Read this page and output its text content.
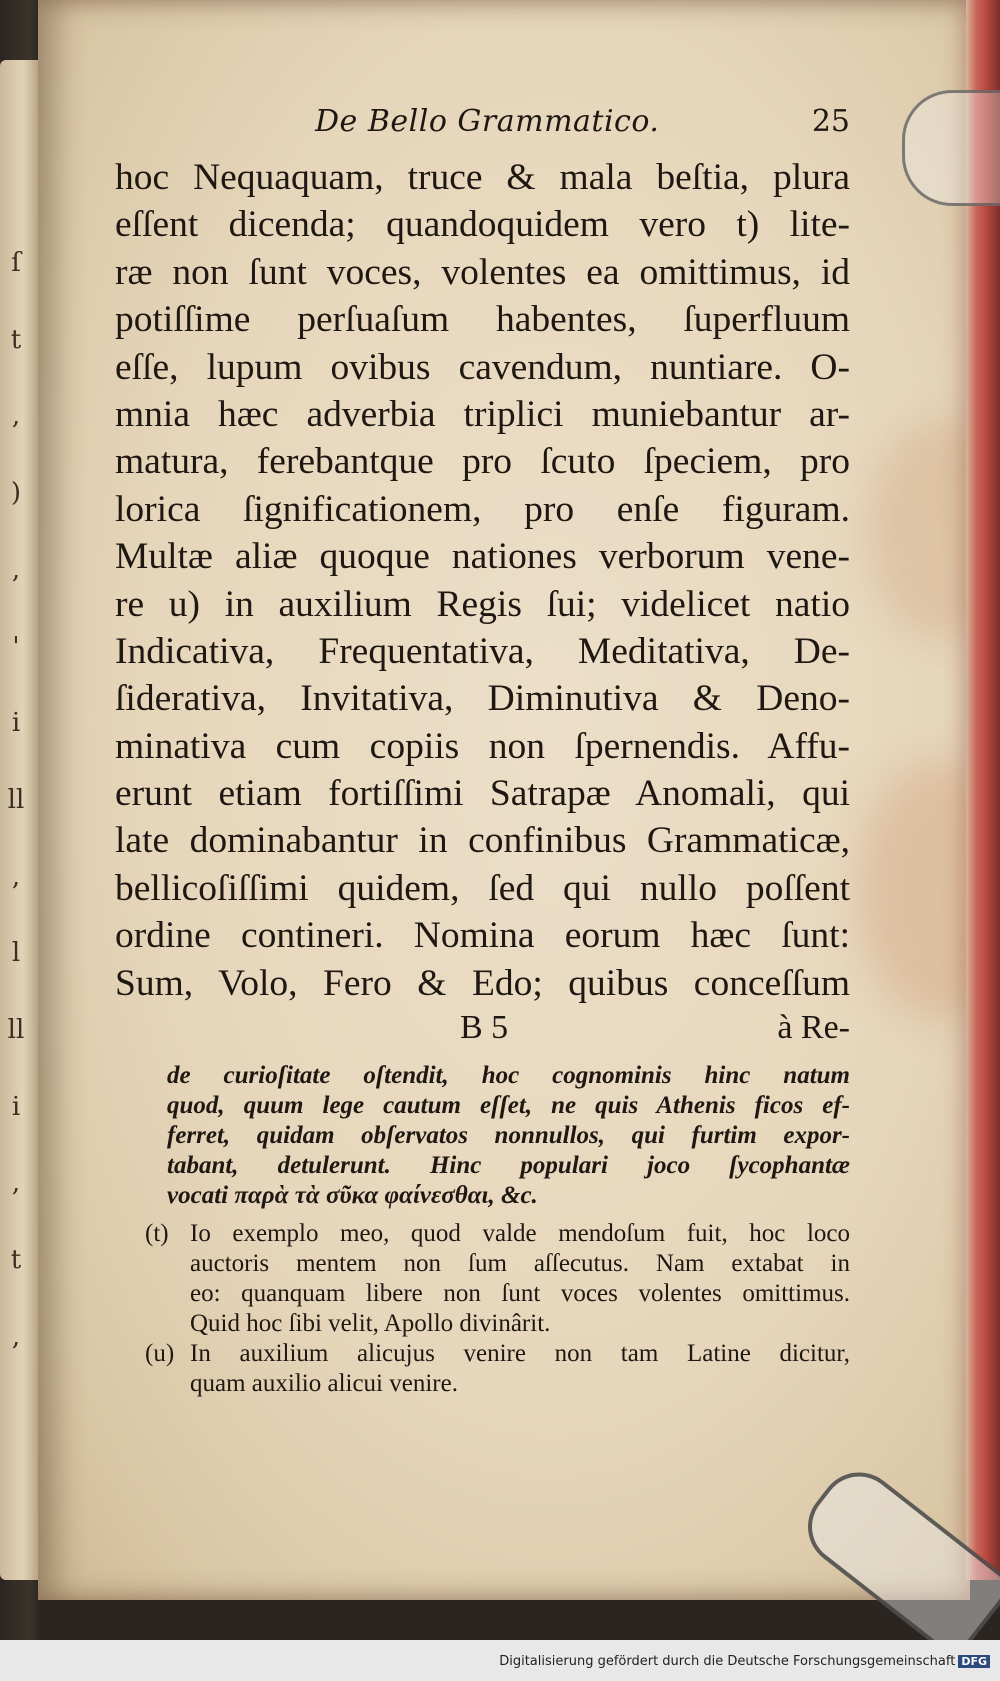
ſ
t
,
)
,
'
i
ll
,
l
ll
i
,
t
,
De Bello Grammatico.	25
hoc Nequaquam, truce & mala beſtia, plura
eſſent dicenda; quandoquidem vero t) lite-
ræ non ſunt voces, volentes ea omittimus, id
potiſſime perſuaſum habentes, ſuperfluum
eſſe, lupum ovibus cavendum, nuntiare. O-
mnia hæc adverbia triplici muniebantur ar-
matura, ferebantque pro ſcuto ſpeciem, pro
lorica ſignificationem, pro enſe figuram.
Multæ aliæ quoque nationes verborum vene-
re u) in auxilium Regis ſui; videlicet natio
Indicativa, Frequentativa, Meditativa, De-
ſiderativa, Invitativa, Diminutiva & Deno-
minativa cum copiis non ſpernendis. Affu-
erunt etiam fortiſſimi Satrapæ Anomali, qui
late dominabantur in confinibus Grammaticæ,
bellicoſiſſimi quidem, ſed qui nullo poſſent
ordine contineri. Nomina eorum hæc ſunt:
Sum, Volo, Fero & Edo; quibus conceſſum
B 5	à Re-
de curioſitate oſtendit, hoc cognominis hinc natum
quod, quum lege cautum eſſet, ne quis Athenis ficos ef-
ferret, quidam obſervatos nonnullos, qui furtim expor-
tabant, detulerunt. Hinc populari joco ſycophantæ
vocati παρὰ τὰ σῦκα φαίνεσθαι, &c.
(t) Io exemplo meo, quod valde mendoſum fuit, hoc loco
auctoris mentem non ſum aſſecutus. Nam extabat in
eo: quanquam libere non ſunt voces volentes omittimus.
Quid hoc ſibi velit, Apollo divinârit.
(u) In auxilium alicujus venire non tam Latine dicitur,
quam auxilio alicui venire.
Digitalisierung gefördert durch die Deutsche Forschungsgemeinschaft DFG
